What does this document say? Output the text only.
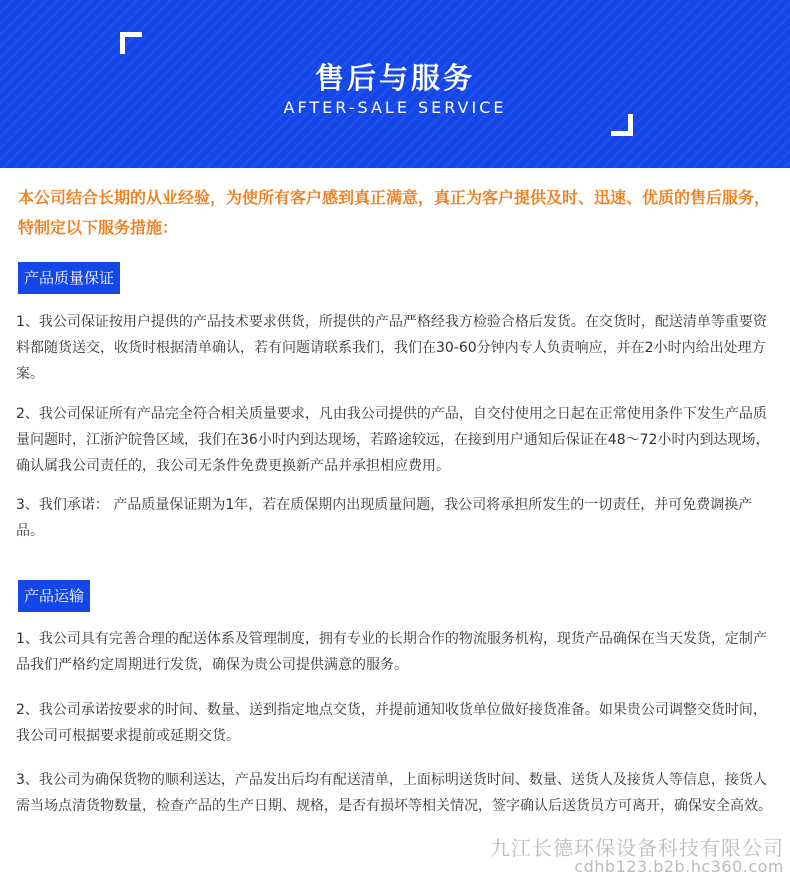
售后与服务
AFTER-SALE SERVICE
本公司结合长期的从业经验，为使所有客户感到真正满意，真正为客户提供及时、迅速、优质的售后服务，特制定以下服务措施：
产品质量保证
1、我公司保证按用户提供的产品技术要求供货，所提供的产品严格经我方检验合格后发货。在交货时，配送清单等重要资料都随货送交，收货时根据清单确认，若有问题请联系我们，我们在30-60分钟内专人负责响应，并在2小时内给出处理方案。
2、我公司保证所有产品完全符合相关质量要求，凡由我公司提供的产品，自交付使用之日起在正常使用条件下发生产品质量问题时，江浙沪皖鲁区域，我们在36小时内到达现场，若路途较远，在接到用户通知后保证在48～72小时内到达现场，确认属我公司责任的，我公司无条件免费更换新产品并承担相应费用。
3、我们承诺： 产品质量保证期为1年，若在质保期内出现质量问题，我公司将承担所发生的一切责任，并可免费调换产品。
产品运输
1、我公司具有完善合理的配送体系及管理制度，拥有专业的长期合作的物流服务机构，现货产品确保在当天发货，定制产品我们严格约定周期进行发货，确保为贵公司提供满意的服务。
2、我公司承诺按要求的时间、数量、送到指定地点交货，并提前通知收货单位做好接货准备。如果贵公司调整交货时间，我公司可根据要求提前或延期交货。
3、我公司为确保货物的顺利送达，产品发出后均有配送清单，上面标明送货时间、数量、送货人及接货人等信息，接货人需当场点清货物数量，检查产品的生产日期、规格，是否有损坏等相关情况，签字确认后送货员方可离开，确保安全高效。
九江长德环保设备科技有限公司
cdhb123.b2b.hc360.com
